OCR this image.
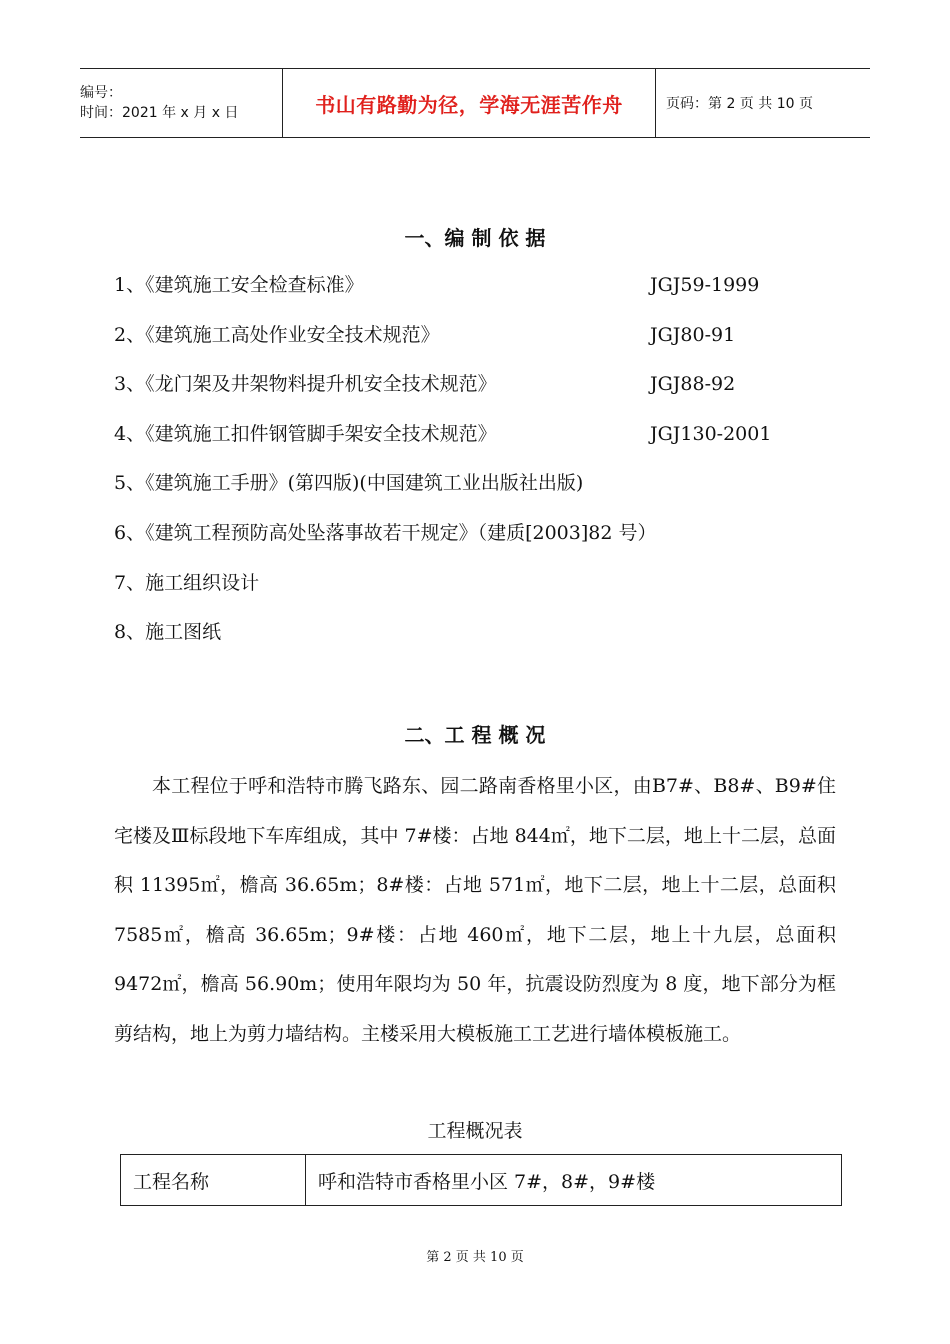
编号：
时间：2021 年 x 月 x 日	书山有路勤为径，学海无涯苦作舟	页码：第 2 页 共 10 页
一、编 制 依 据
1、《建筑施工安全检查标准》	JGJ59-1999
2、《建筑施工高处作业安全技术规范》	JGJ80-91
3、《龙门架及井架物料提升机安全技术规范》	JGJ88-92
4、《建筑施工扣件钢管脚手架安全技术规范》	JGJ130-2001
5、《建筑施工手册》(第四版)(中国建筑工业出版社出版)
6、《建筑工程预防高处坠落事故若干规定》（建质[2003]82 号）
7、施工组织设计
8、施工图纸
二、工 程 概 况

本工程位于呼和浩特市腾飞路东、园二路南香格里小区，由B7#、B8#、B9#住宅楼及Ⅲ标段地下车库组成，其中 7#楼：占地 844㎡，地下二层，地上十二层，总面积 11395㎡，檐高 36.65m；8#楼：占地 571㎡，地下二层，地上十二层，总面积 7585㎡，檐高 36.65m；9#楼：占地 460㎡，地下二层，地上十九层，总面积 9472㎡，檐高 56.90m；使用年限均为 50 年，抗震设防烈度为 8 度，地下部分为框剪结构，地上为剪力墙结构。主楼采用大模板施工工艺进行墙体模板施工。

工程概况表
工程名称	呼和浩特市香格里小区 7#，8#，9#楼
第 2 页 共 10 页
